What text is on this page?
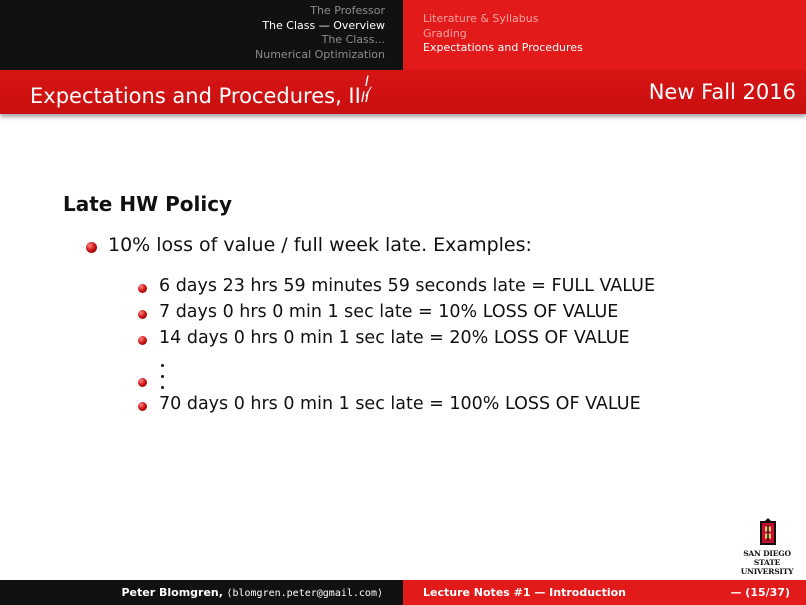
The Professor
The Class — Overview
The Class...
Numerical Optimization
Literature & Syllabus
Grading
Expectations and Procedures
Expectations and Procedures, II
I
II	New Fall 2016
Late HW Policy
10% loss of value / full week late. Examples:
6 days 23 hrs 59 minutes 59 seconds late = FULL VALUE
7 days 0 hrs 0 min 1 sec late = 10% LOSS OF VALUE
14 days 0 hrs 0 min 1 sec late = 20% LOSS OF VALUE
70 days 0 hrs 0 min 1 sec late = 100% LOSS OF VALUE
SAN DIEGO STATE
UNIVERSITY
Peter Blomgren, ⟨blomgren.peter@gmail.com⟩	Lecture Notes #1 — Introduction	— (15/37)
